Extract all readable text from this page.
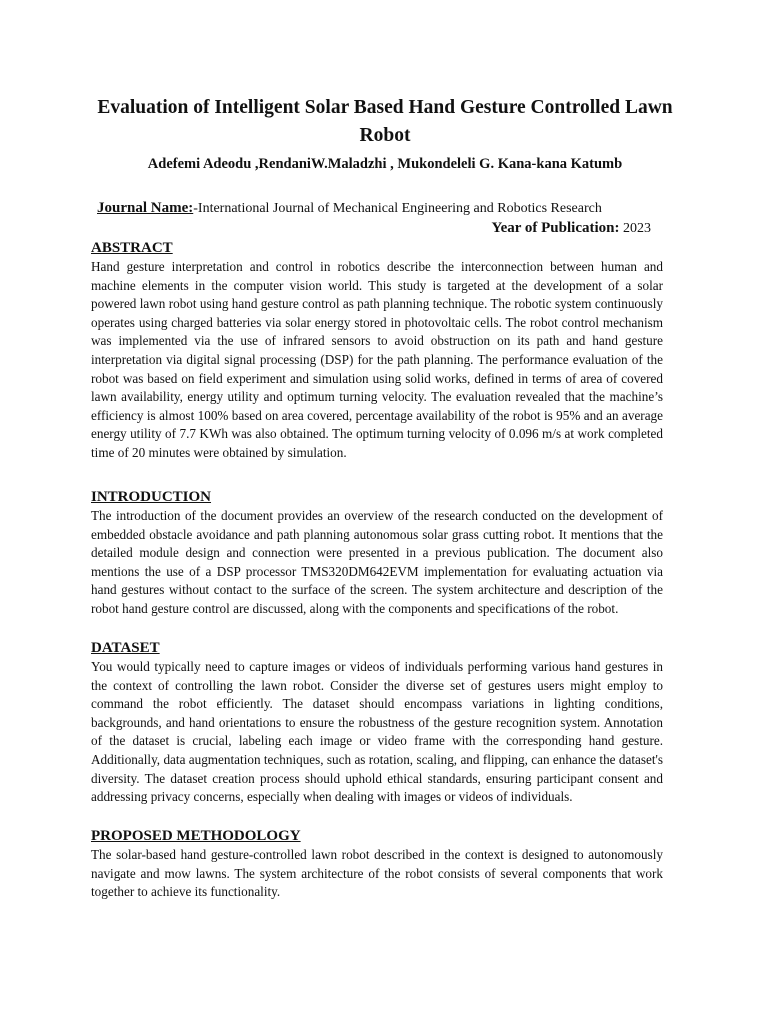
Evaluation of Intelligent Solar Based Hand Gesture Controlled Lawn Robot
Adefemi Adeodu ,RendaniW.Maladzhi , Mukondeleli G. Kana-kana Katumb
Journal Name:-International Journal of Mechanical Engineering and Robotics Research
Year of Publication: 2023
ABSTRACT

Hand gesture interpretation and control in robotics describe the interconnection between human and machine elements in the computer vision world. This study is targeted at the development of a solar powered lawn robot using hand gesture control as path planning technique. The robotic system continuously operates using charged batteries via solar energy stored in photovoltaic cells. The robot control mechanism was implemented via the use of infrared sensors to avoid obstruction on its path and hand gesture interpretation via digital signal processing (DSP) for the path planning. The performance evaluation of the robot was based on field experiment and simulation using solid works, defined in terms of area of covered lawn availability, energy utility and optimum turning velocity. The evaluation revealed that the machine’s efficiency is almost 100% based on area covered, percentage availability of the robot is 95% and an average energy utility of 7.7 KWh was also obtained. The optimum turning velocity of 0.096 m/s at work completed time of 20 minutes were obtained by simulation.

INTRODUCTION

The introduction of the document provides an overview of the research conducted on the development of embedded obstacle avoidance and path planning autonomous solar grass cutting robot. It mentions that the detailed module design and connection were presented in a previous publication. The document also mentions the use of a DSP processor TMS320DM642EVM implementation for evaluating actuation via hand gestures without contact to the surface of the screen. The system architecture and description of the robot hand gesture control are discussed, along with the components and specifications of the robot.

DATASET

You would typically need to capture images or videos of individuals performing various hand gestures in the context of controlling the lawn robot. Consider the diverse set of gestures users might employ to command the robot efficiently. The dataset should encompass variations in lighting conditions, backgrounds, and hand orientations to ensure the robustness of the gesture recognition system. Annotation of the dataset is crucial, labeling each image or video frame with the corresponding hand gesture. Additionally, data augmentation techniques, such as rotation, scaling, and flipping, can enhance the dataset's diversity. The dataset creation process should uphold ethical standards, ensuring participant consent and addressing privacy concerns, especially when dealing with images or videos of individuals.

PROPOSED METHODOLOGY

The solar-based hand gesture-controlled lawn robot described in the context is designed to autonomously navigate and mow lawns. The system architecture of the robot consists of several components that work together to achieve its functionality.
